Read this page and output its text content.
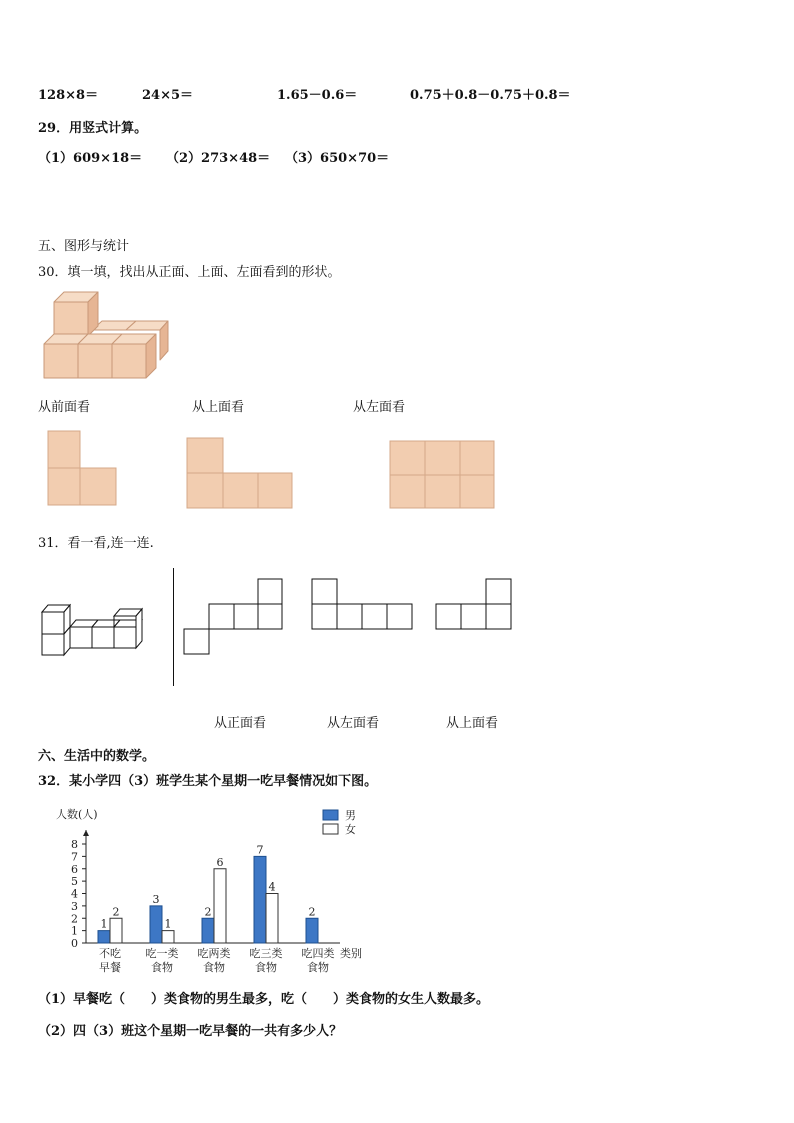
128×8＝	24×5＝	1.65－0.6＝	0.75＋0.8－0.75＋0.8＝
29．用竖式计算。
（1）609×18＝ （2）273×48＝ （3）650×70＝
五、图形与统计
30．填一填，找出从正面、上面、左面看到的形状。
从前面看	从上面看	从左面看
31．看一看,连一连.
从正面看	从左面看	从上面看
六、生活中的数学。
32．某小学四（3）班学生某个星期一吃早餐情况如下图。
人数(人)
0
1
2
3
4
5
6
7
8
1
2
不吃
早餐
3
1
吃一类
食物
2
6
吃两类
食物
7
4
吃三类
食物
2
吃四类
食物
类别
男
女
（1）早餐吃（　　）类食物的男生最多，吃（　　）类食物的女生人数最多。
（2）四（3）班这个星期一吃早餐的一共有多少人？
